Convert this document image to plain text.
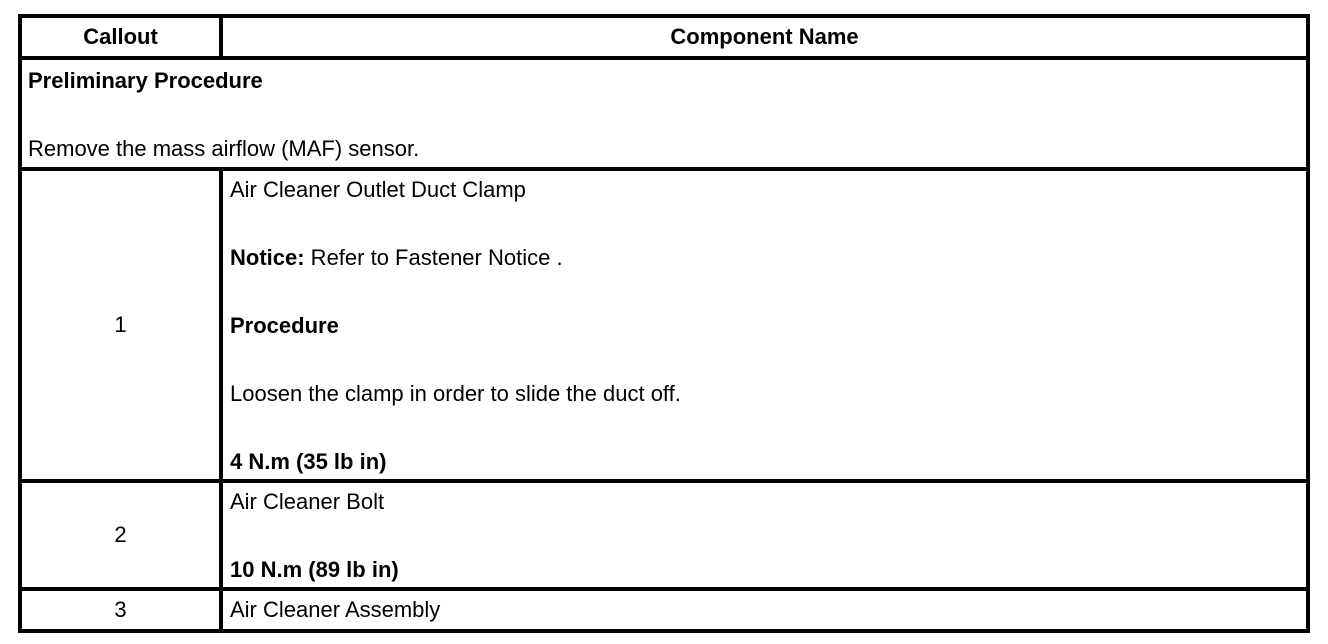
Callout	Component Name

Preliminary Procedure
Remove the mass airflow (MAF) sensor.	

1	Air Cleaner Outlet Duct Clamp
Notice: Refer to Fastener Notice .
Procedure
Loosen the clamp in order to slide the duct off.
4 N.m (35 lb in)

2	Air Cleaner Bolt
10 N.m (89 lb in)

3	Air Cleaner Assembly
